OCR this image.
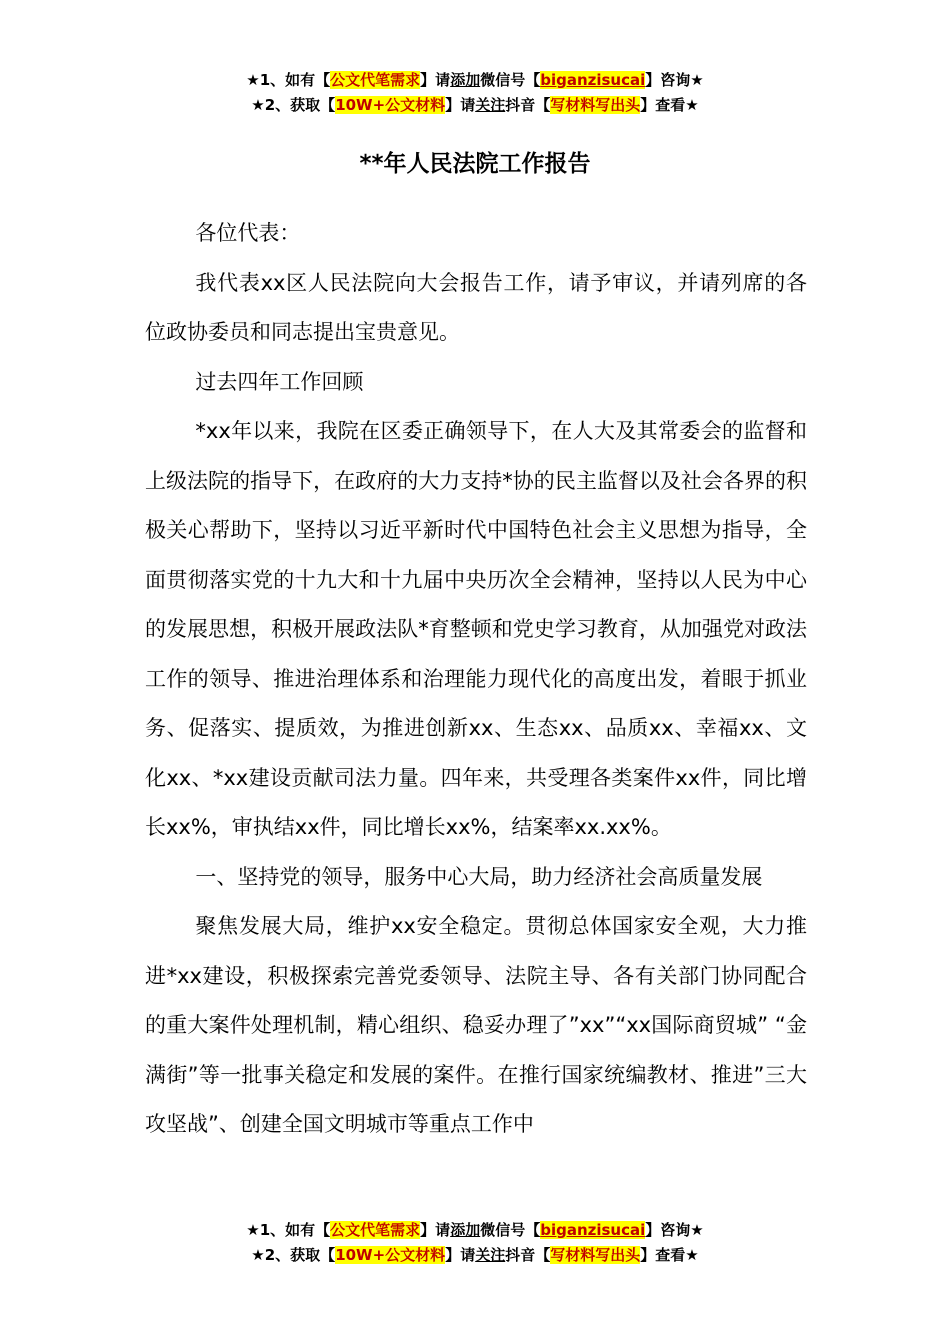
★1、如有【公文代笔需求】请添加微信号【biganzisucai】咨询★
★2、获取【10W+公文材料】请关注抖音【写材料写出头】查看★
**年人民法院工作报告

各位代表：

我代表xx区人民法院向大会报告工作，请予审议，并请列席的各位政协委员和同志提出宝贵意见。

过去四年工作回顾

*xx年以来，我院在区委正确领导下，在人大及其常委会的监督和上级法院的指导下，在政府的大力支持*协的民主监督以及社会各界的积极关心帮助下，坚持以习近平新时代中国特色社会主义思想为指导，全面贯彻落实党的十九大和十九届中央历次全会精神，坚持以人民为中心的发展思想，积极开展政法队*育整顿和党史学习教育，从加强党对政法工作的领导、推进治理体系和治理能力现代化的高度出发，着眼于抓业务、促落实、提质效，为推进创新xx、生态xx、品质xx、幸福xx、文化xx、*xx建设贡献司法力量。四年来，共受理各类案件xx件，同比增长xx%，审执结xx件，同比增长xx%，结案率xx.xx%。

一、坚持党的领导，服务中心大局，助力经济社会高质量发展

聚焦发展大局，维护xx安全稳定。贯彻总体国家安全观，大力推进*xx建设，积极探索完善党委领导、法院主导、各有关部门协同配合的重大案件处理机制，精心组织、稳妥办理了”xx”“xx国际商贸城” “金满街”等一批事关稳定和发展的案件。在推行国家统编教材、推进”三大攻坚战”、创建全国文明城市等重点工作中

★1、如有【公文代笔需求】请添加微信号【biganzisucai】咨询★
★2、获取【10W+公文材料】请关注抖音【写材料写出头】查看★
